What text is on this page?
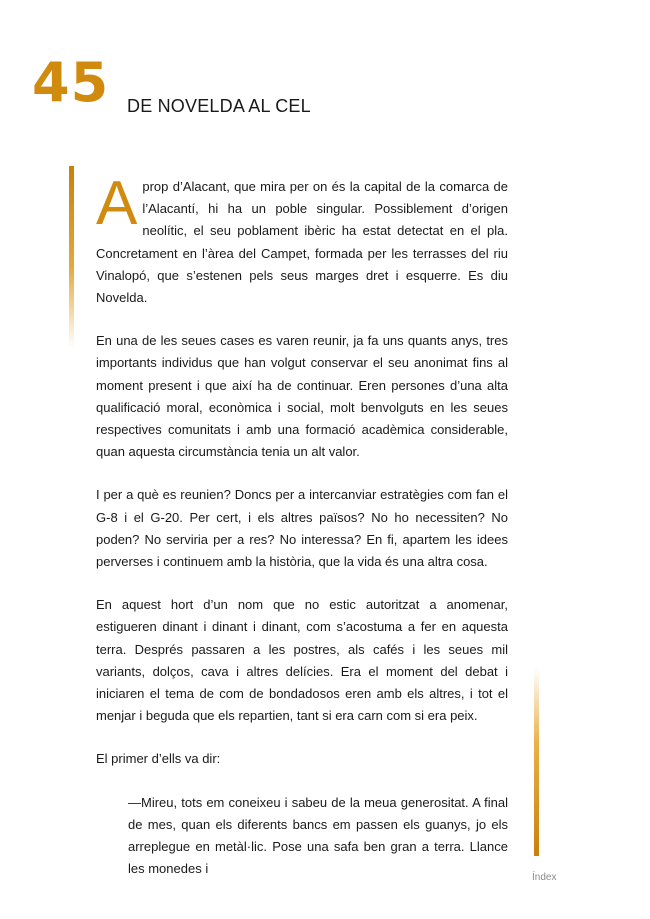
45 DE NOVELDA AL CEL

Aprop d’Alacant, que mira per on és la capital de la comarca de l’Alacantí, hi ha un poble singular. Possiblement d’origen neolític, el seu poblament ibèric ha estat detectat en el pla. Concretament en l’àrea del Campet, formada per les terrasses del riu Vinalopó, que s’estenen pels seus marges dret i esquerre. Es diu Novelda.

En una de les seues cases es varen reunir, ja fa uns quants anys, tres importants individus que han volgut conservar el seu anonimat fins al moment present i que així ha de continuar. Eren persones d’una alta qualificació moral, econòmica i social, molt benvolguts en les seues respectives comunitats i amb una formació acadèmica considerable, quan aquesta circumstància tenia un alt valor.

I per a què es reunien? Doncs per a intercanviar estratègies com fan el G-8 i el G-20. Per cert, i els altres països? No ho necessiten? No poden? No serviria per a res? No interessa? En fi, apartem les idees perverses i continuem amb la història, que la vida és una altra cosa.

En aquest hort d’un nom que no estic autoritzat a anomenar, estigueren dinant i dinant i dinant, com s’acostuma a fer en aquesta terra. Després passaren a les postres, als cafés i les seues mil variants, dolços, cava i altres delícies. Era el moment del debat i iniciaren el tema de com de bondadosos eren amb els altres, i tot el menjar i beguda que els repartien, tant si era carn com si era peix.

El primer d’ells va dir:

—Mireu, tots em coneixeu i sabeu de la meua generositat. A final de mes, quan els diferents bancs em passen els guanys, jo els arreplegue en metàl·lic. Pose una safa ben gran a terra. Llance les monedes i

Índex
